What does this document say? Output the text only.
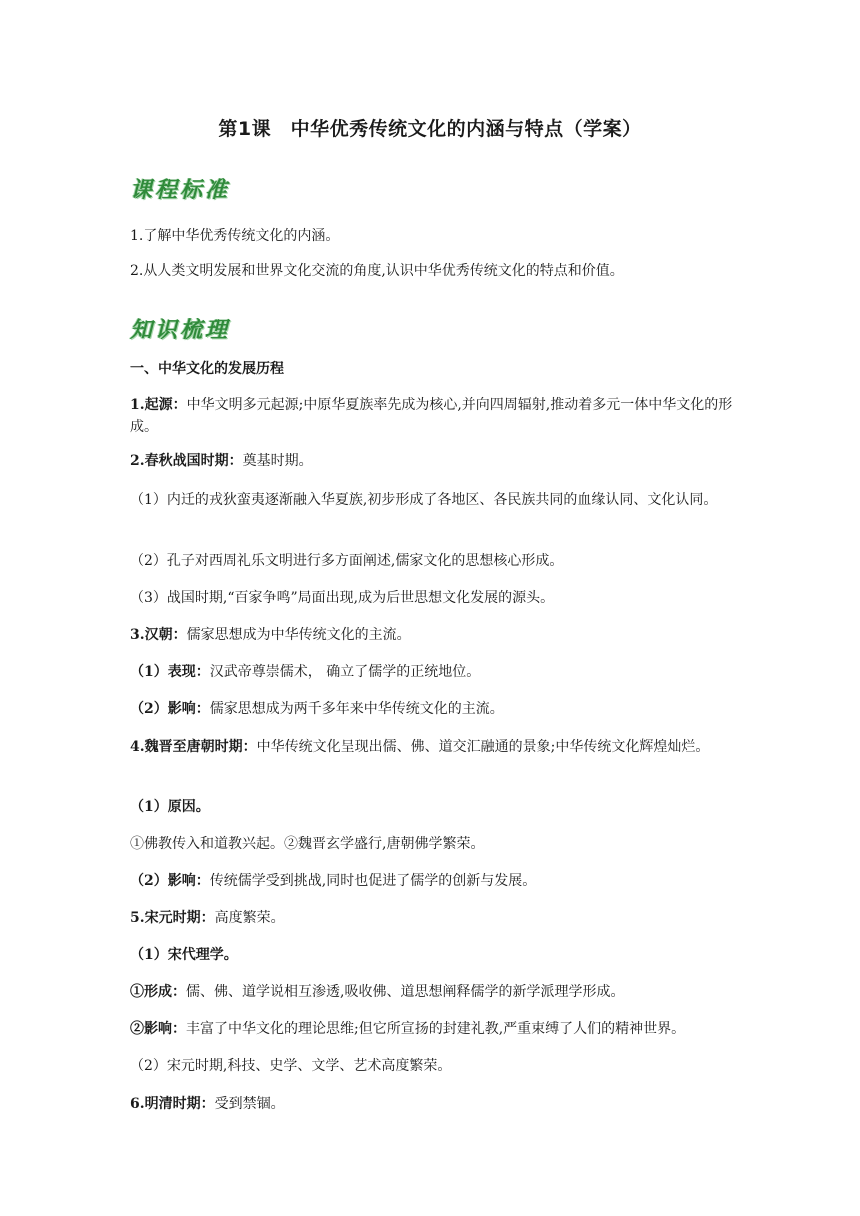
第1课　中华优秀传统文化的内涵与特点（学案）
课程标准
1.了解中华优秀传统文化的内涵。
2.从人类文明发展和世界文化交流的角度,认识中华优秀传统文化的特点和价值。
知识梳理
一、中华文化的发展历程
1.起源：中华文明多元起源;中原华夏族率先成为核心,并向四周辐射,推动着多元一体中华文化的形成。
2.春秋战国时期：奠基时期。
（1）内迁的戎狄蛮夷逐渐融入华夏族,初步形成了各地区、各民族共同的血缘认同、文化认同。
（2）孔子对西周礼乐文明进行多方面阐述,儒家文化的思想核心形成。
（3）战国时期,“百家争鸣”局面出现,成为后世思想文化发展的源头。
3.汉朝：儒家思想成为中华传统文化的主流。
（1）表现：汉武帝尊崇儒术， 确立了儒学的正统地位。
（2）影响：儒家思想成为两千多年来中华传统文化的主流。
4.魏晋至唐朝时期：中华传统文化呈现出儒、佛、道交汇融通的景象;中华传统文化辉煌灿烂。
（1）原因。
①佛教传入和道教兴起。②魏晋玄学盛行,唐朝佛学繁荣。
（2）影响：传统儒学受到挑战,同时也促进了儒学的创新与发展。
5.宋元时期：高度繁荣。
（1）宋代理学。
①形成：儒、佛、道学说相互渗透,吸收佛、道思想阐释儒学的新学派理学形成。
②影响：丰富了中华文化的理论思维;但它所宣扬的封建礼教,严重束缚了人们的精神世界。
（2）宋元时期,科技、史学、文学、艺术高度繁荣。
6.明清时期：受到禁锢。
